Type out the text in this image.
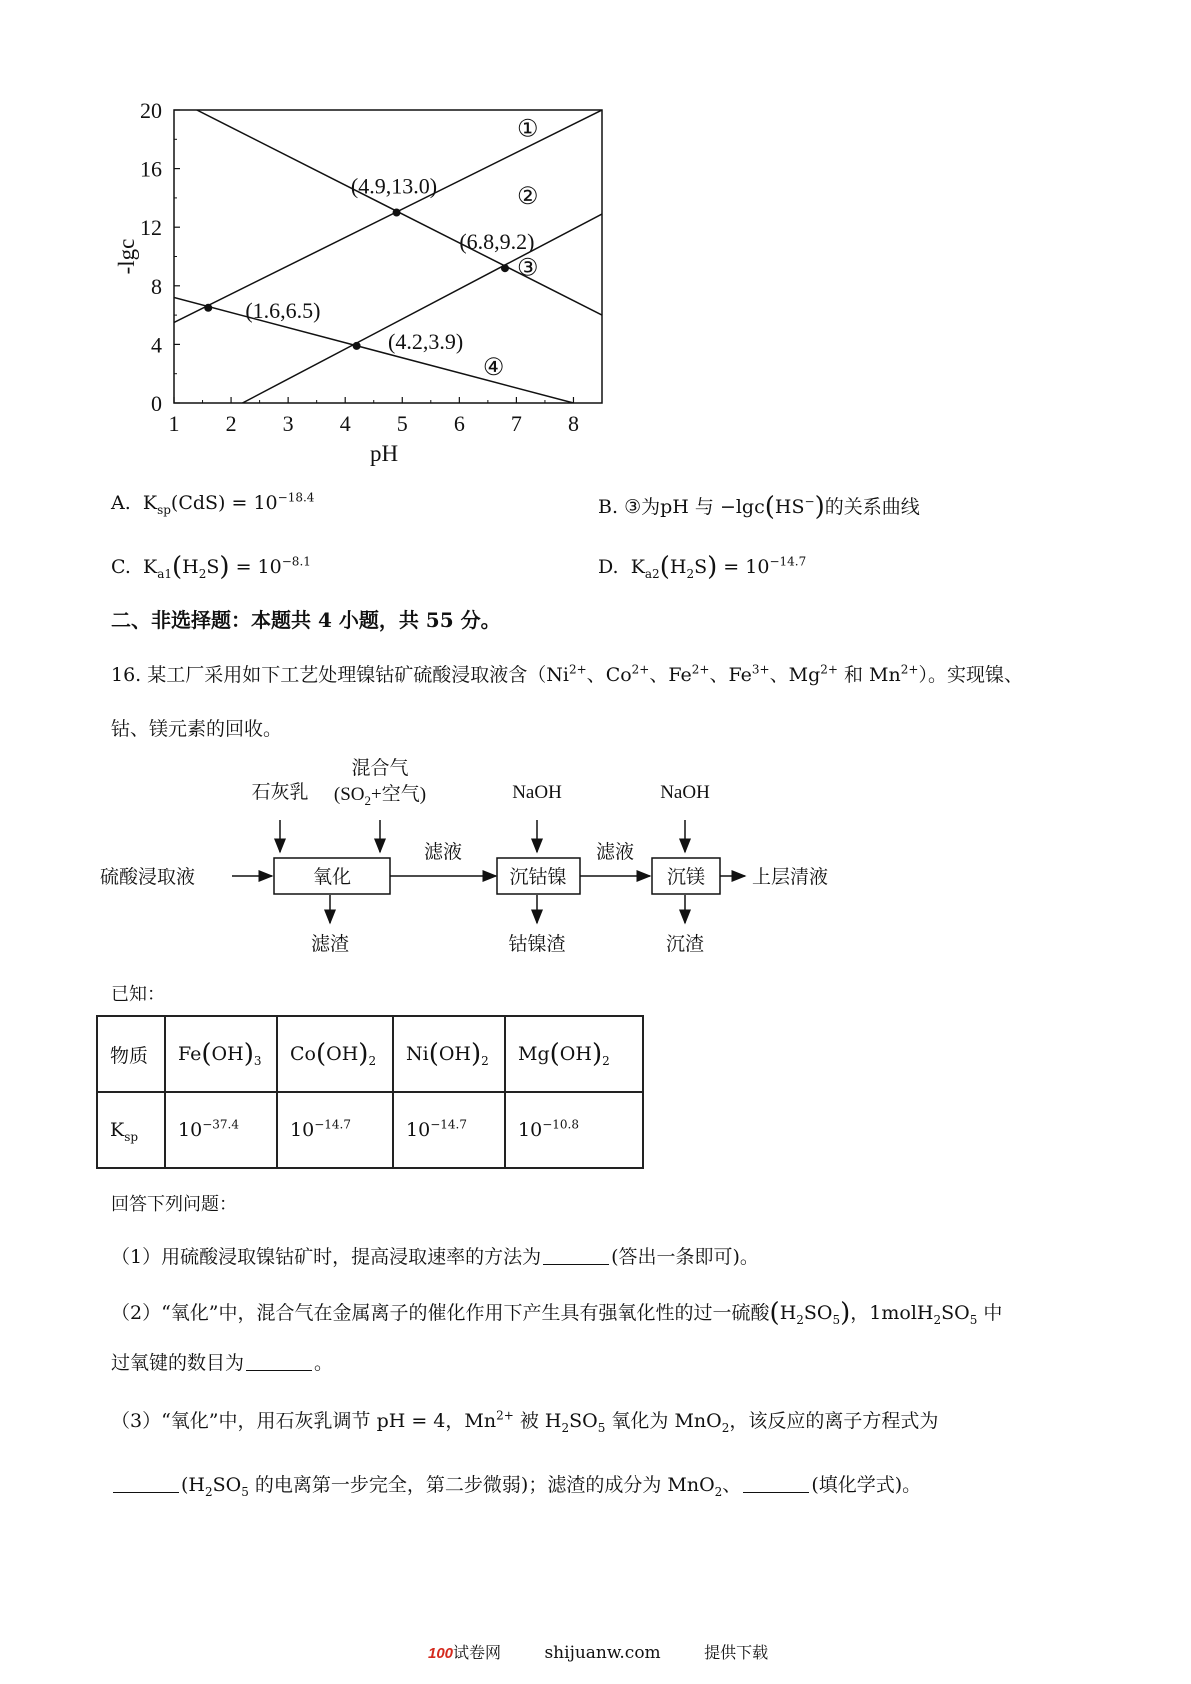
1 2 3 4 5 6 7 8
0
4
8
12
16
20
pH
-lgc
①
②
③
④
(4.9,13.0)
(6.8,9.2)
(1.6,6.5)
(4.2,3.9)
A. $K_{sp}(CdS) = 10^{-18.4}$	B. ③为pH 与 −lgc(HS−)的关系曲线
C. $K_{a1}(H_2S) = 10^{-8.1}$	D. $K_{a2}(H_2S) = 10^{-14.7}$
二、非选择题：本题共 4 小题，共 55 分。
16. 某工厂采用如下工艺处理镍钴矿硫酸浸取液含（$Ni^{2+}$、$Co^{2+}$、$Fe^{2+}$、$Fe^{3+}$、$Mg^{2+}$ 和 $Mn^{2+}$）。实现镍、
钴、镁元素的回收。
石灰乳
混合气
($SO_2+$空气)	NaOH	NaOH
硫酸浸取液	氧化
滤液
沉钴镍
滤液
沉镁 上层清液
滤渣	钴镍渣	沉渣
已知：
物质	$Fe(OH)_3$	$Co(OH)_2$	$Ni(OH)_2$	$Mg(OH)_2$
$K_{sp}$	$10^{-37.4}$	$10^{-14.7}$	$10^{-14.7}$	$10^{-10.8}$
回答下列问题：
（1）用硫酸浸取镍钴矿时，提高浸取速率的方法为	(答出一条即可)。
（2）“氧化”中，混合气在金属离子的催化作用下产生具有强氧化性的过一硫酸$(H_2SO_5)$，$1molH_2SO_5$ 中
过氧键的数目为	。
（3）“氧化”中，用石灰乳调节 pH = 4，$Mn^{2+}$ 被 $H_2SO_5$ 氧化为 MnO$_2$，该反应的离子方程式为
($H_2SO_5$ 的电离第一步完全，第二步微弱)；滤渣的成分为 MnO$_2$、	(填化学式)。
100试卷网	shijuanw.com	提供下载
